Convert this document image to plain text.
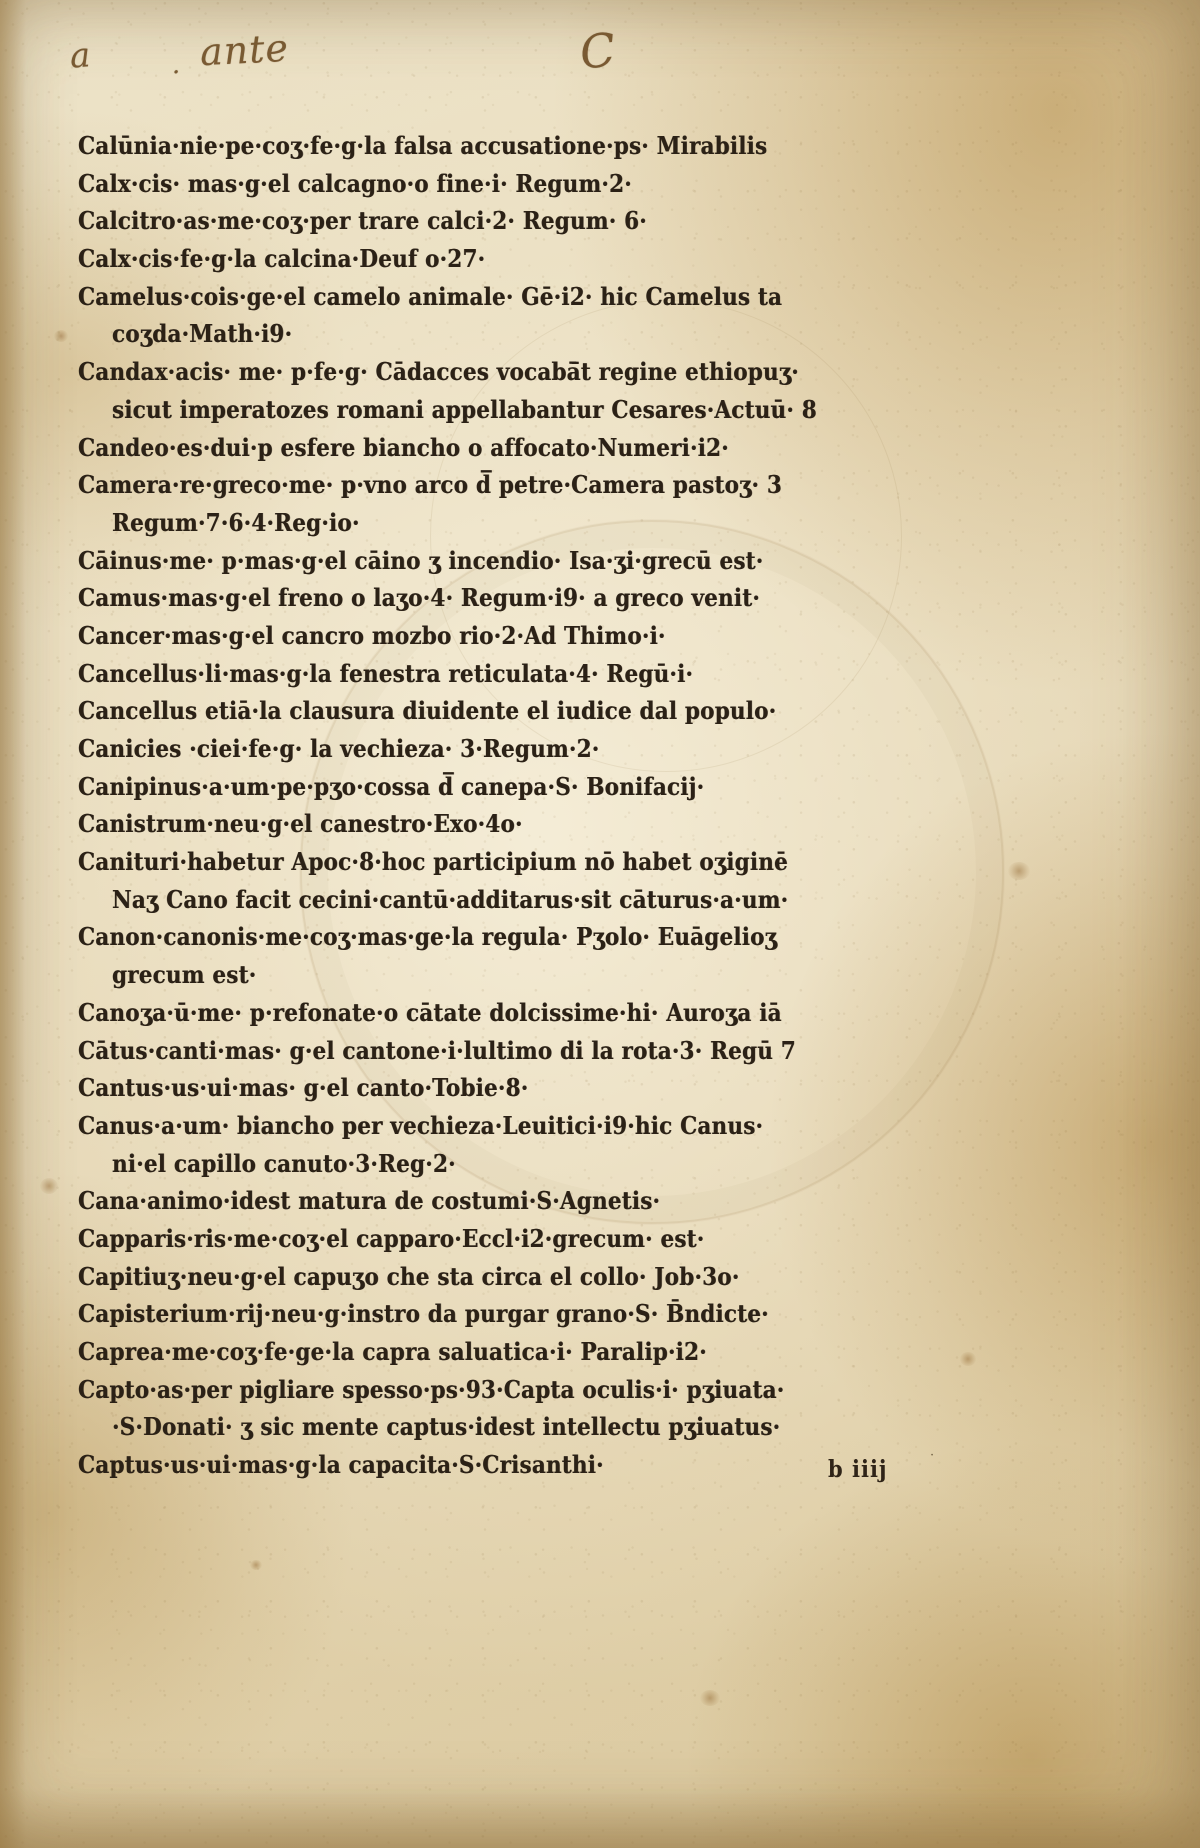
a	· ante	C
Calūnia·nie·pe·coʒ·fe·g·la falsa accusatione·ps· Mirabilis
Calx·cis· mas·g·el calcagno·o fine·i· Regum·2·
Calcitro·as·me·coʒ·per trare calci·2· Regum· 6·
Calx·cis·fe·g·la calcina·Deuf o·27·
Camelus·cois·ge·el camelo animale· Gē·i2· hic Camelus ta
coʒda·Math·i9·
Candax·acis· me· p·fe·g· Cādacces vocabā̄t regine ethiopuʒ·
sicut imperatozes romani appellabantur Cesares·Actuū· 8
Candeo·es·dui·p esfere biancho o affocato·Numeri·i2·
Camera·re·greco·me· p·vno arco d̅ petre·Camera pastoʒ· 3
Regum·7·6·4·Reg·io·
Cāinus·me· p·mas·g·el cāino ʒ incendio· Isa·ʒi·grecū est·
Camus·mas·g·el freno o laʒo·4· Regum·i9· a greco venit·
Cancer·mas·g·el cancro mozbo rio·2·Ad Thimo·i·
Cancellus·li·mas·g·la fenestra reticulata·4· Regū·i·
Cancellus etiā·la clausura diuidente el iudice dal populo·
Canicies ·ciei·fe·g· la vechieza· 3·Regum·2·
Canipinus·a·um·pe·pʒo·cossa d̅ canepa·S· Bonifacij·
Canistrum·neu·g·el canestro·Exo·4o·
Canituri·habetur Apoc·8·hoc participium nō habet oʒiginē
Naʒ Cano facit cecini·cantū·additarus·sit cāturus·a·um·
Canon·canonis·me·coʒ·mas·ge·la regula· Pʒolo· Euāgelioʒ
grecum est·
Canoʒa·ū·me· p·refonate·o cātate dolcissime·hi· Auroʒa iā
Cātus·canti·mas· g·el cantone·i·lultimo di la rota·3· Regū 7
Cantus·us·ui·mas· g·el canto·Tobie·8·
Canus·a·um· biancho per vechieza·Leuitici·i9·hic Canus·
ni·el capillo canuto·3·Reg·2·
Cana·animo·idest matura de costumi·S·Agnetis·
Capparis·ris·me·coʒ·el capparo·Eccl·i2·grecum· est·
Capitiuʒ·neu·g·el capuʒo che sta circa el collo· Job·3o·
Capisterium·rij·neu·g·instro da purgar grano·S· B̄ndicte·
Caprea·me·coʒ·fe·ge·la capra saluatica·i· Paralip·i2·
Capto·as·per pigliare spesso·ps·93·Capta oculis·i· pʒiuata·
·S·Donati· ʒ sic mente captus·idest intellectu pʒiuatus·
Captus·us·ui·mas·g·la capacita·S·Crisanthi·	b iiij	·
